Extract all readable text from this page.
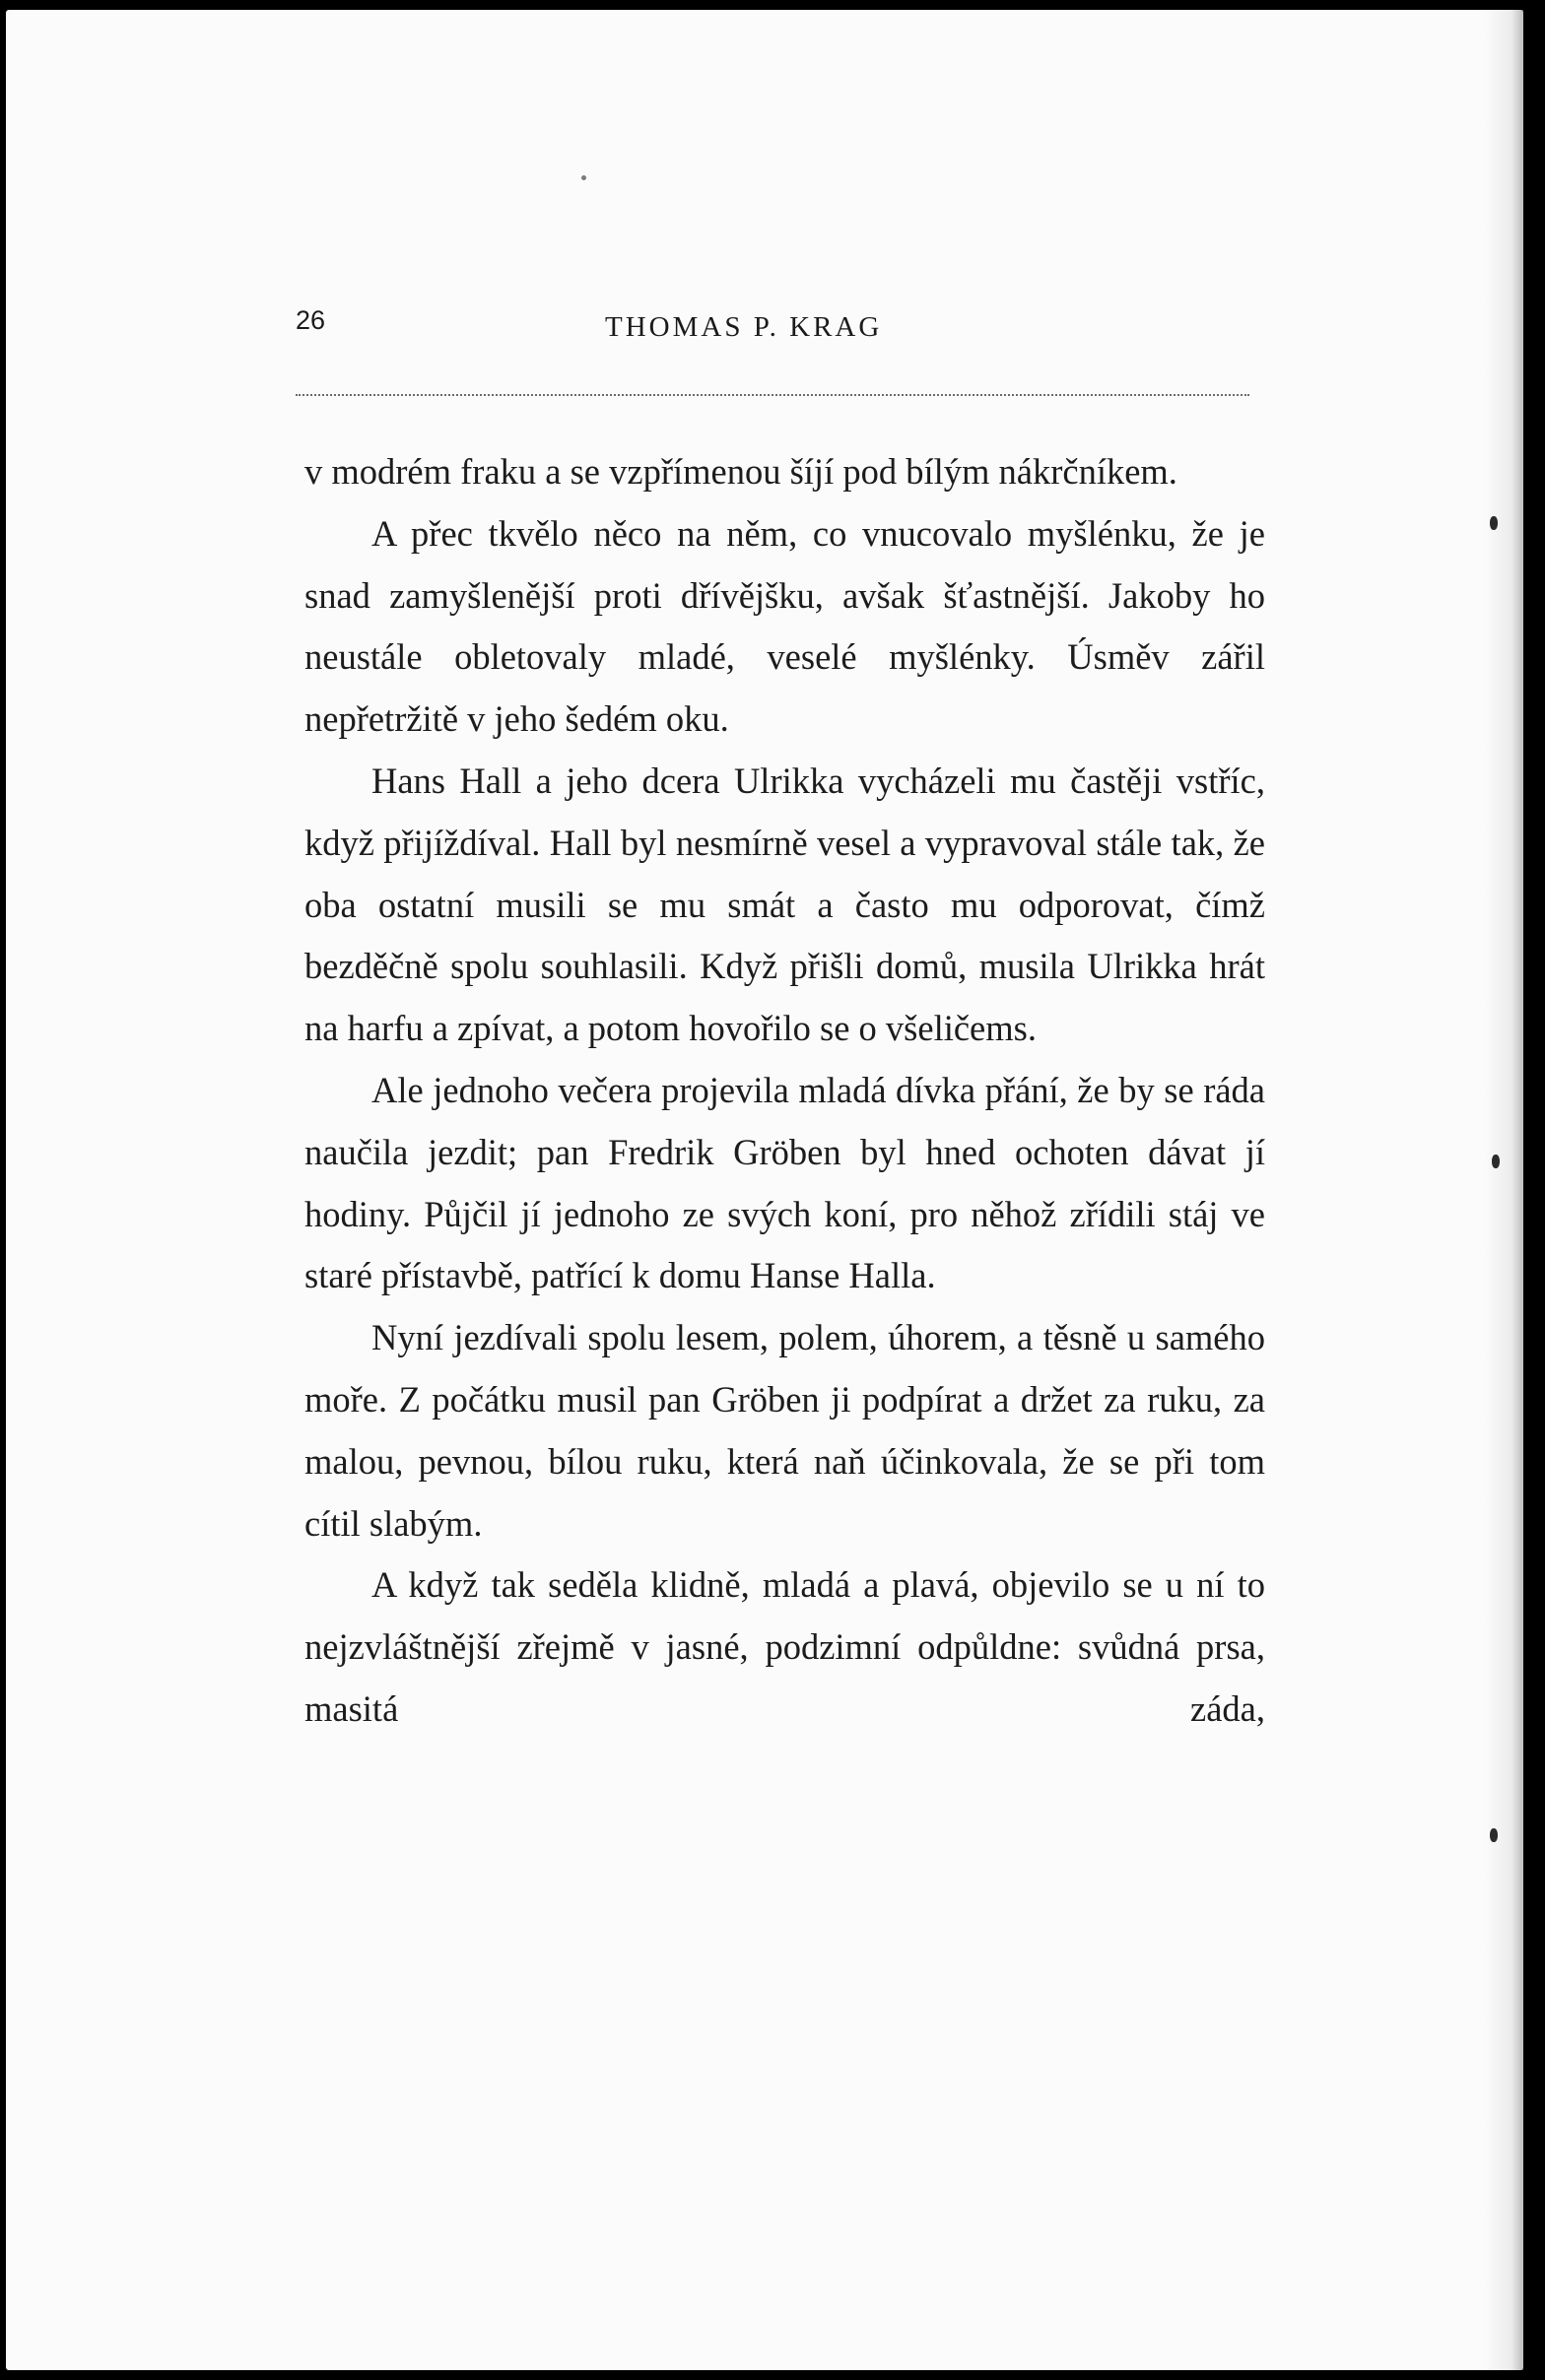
26	THOMAS P. KRAG

v modrém fraku a se vzpřímenou šíjí pod bílým nákrčníkem.

A přec tkvělo něco na něm, co vnucovalo myšlénku, že je snad zamyšlenější proti dřívějšku, avšak šťastnější. Jakoby ho neustále obletovaly mladé, veselé myšlénky. Úsměv zářil nepřetržitě v jeho šedém oku.

Hans Hall a jeho dcera Ulrikka vycházeli mu častěji vstříc, když přijíždíval. Hall byl nesmírně vesel a vypravoval stále tak, že oba ostatní musili se mu smát a často mu odporovat, čímž bezděčně spolu souhlasili. Když přišli domů, musila Ulrikka hrát na harfu a zpívat, a potom hovořilo se o všeličems.

Ale jednoho večera projevila mladá dívka přání, že by se ráda naučila jezdit; pan Fredrik Gröben byl hned ochoten dávat jí hodiny. Půjčil jí jednoho ze svých koní, pro něhož zřídili stáj ve staré přístavbě, patřící k domu Hanse Halla.

Nyní jezdívali spolu lesem, polem, úhorem, a těsně u samého moře. Z počátku musil pan Gröben ji podpírat a držet za ruku, za malou, pevnou, bílou ruku, která naň účinkovala, že se při tom cítil slabým.

A když tak seděla klidně, mladá a plavá, objevilo se u ní to nejzvláštnější zřejmě v jasné, podzimní odpůldne: svůdná prsa, masitá záda,
